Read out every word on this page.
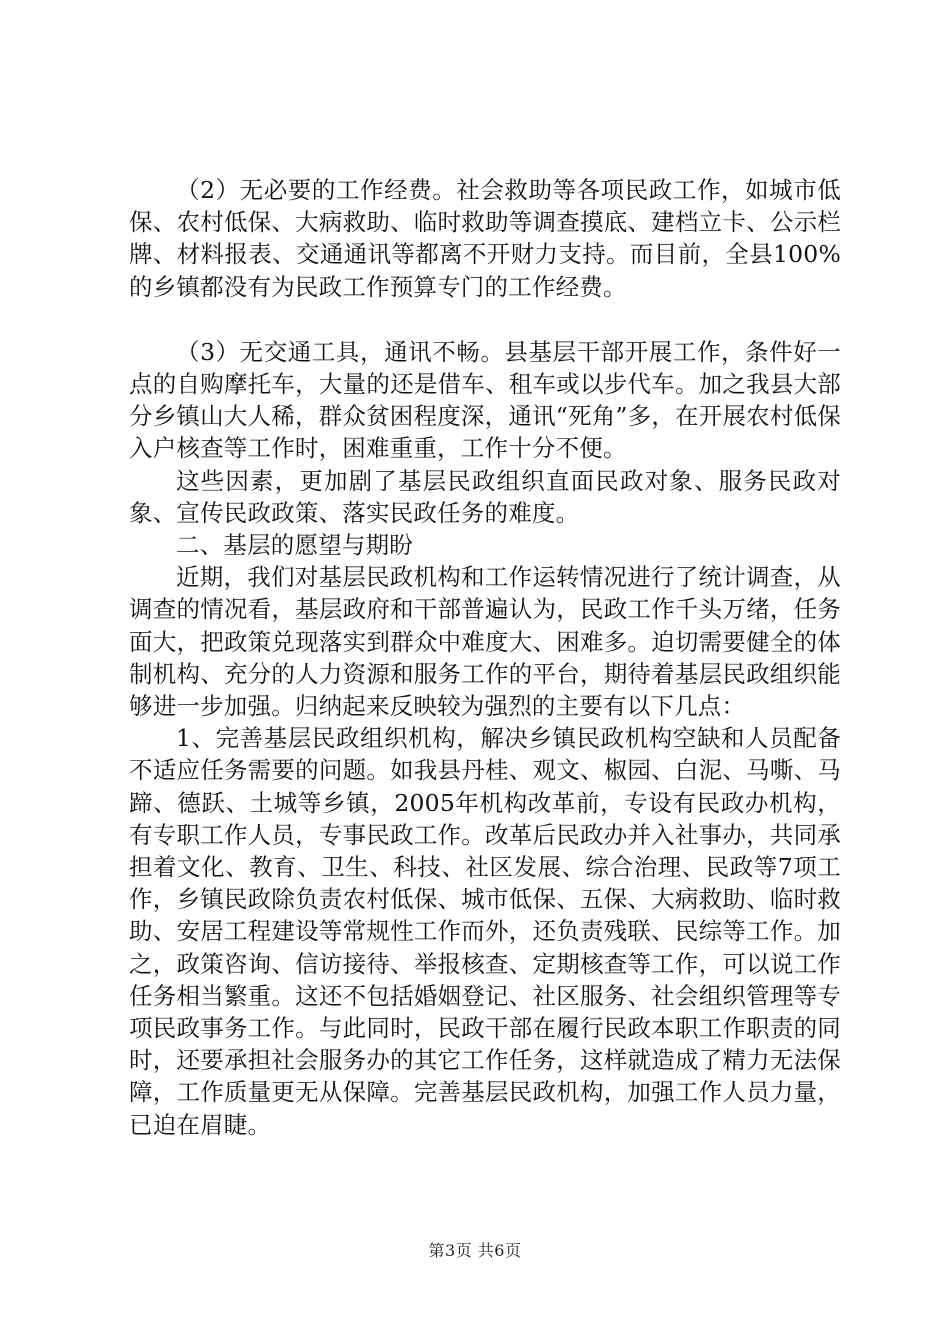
（2）无必要的工作经费。社会救助等各项民政工作，如城市低保、农村低保、大病救助、临时救助等调查摸底、建档立卡、公示栏牌、材料报表、交通通讯等都离不开财力支持。而目前，全县100%的乡镇都没有为民政工作预算专门的工作经费。

（3）无交通工具，通讯不畅。县基层干部开展工作，条件好一点的自购摩托车，大量的还是借车、租车或以步代车。加之我县大部分乡镇山大人稀，群众贫困程度深，通讯“死角”多，在开展农村低保入户核查等工作时，困难重重，工作十分不便。

这些因素，更加剧了基层民政组织直面民政对象、服务民政对象、宣传民政政策、落实民政任务的难度。

二、基层的愿望与期盼

近期，我们对基层民政机构和工作运转情况进行了统计调查，从调查的情况看，基层政府和干部普遍认为，民政工作千头万绪，任务面大，把政策兑现落实到群众中难度大、困难多。迫切需要健全的体制机构、充分的人力资源和服务工作的平台，期待着基层民政组织能够进一步加强。归纳起来反映较为强烈的主要有以下几点：

1、完善基层民政组织机构，解决乡镇民政机构空缺和人员配备不适应任务需要的问题。如我县丹桂、观文、椒园、白泥、马嘶、马蹄、德跃、土城等乡镇，2005年机构改革前，专设有民政办机构，有专职工作人员，专事民政工作。改革后民政办并入社事办，共同承担着文化、教育、卫生、科技、社区发展、综合治理、民政等7项工作，乡镇民政除负责农村低保、城市低保、五保、大病救助、临时救助、安居工程建设等常规性工作而外，还负责残联、民综等工作。加之，政策咨询、信访接待、举报核查、定期核查等工作，可以说工作任务相当繁重。这还不包括婚姻登记、社区服务、社会组织管理等专项民政事务工作。与此同时，民政干部在履行民政本职工作职责的同时，还要承担社会服务办的其它工作任务，这样就造成了精力无法保障，工作质量更无从保障。完善基层民政机构，加强工作人员力量，已迫在眉睫。

第3页 共6页
